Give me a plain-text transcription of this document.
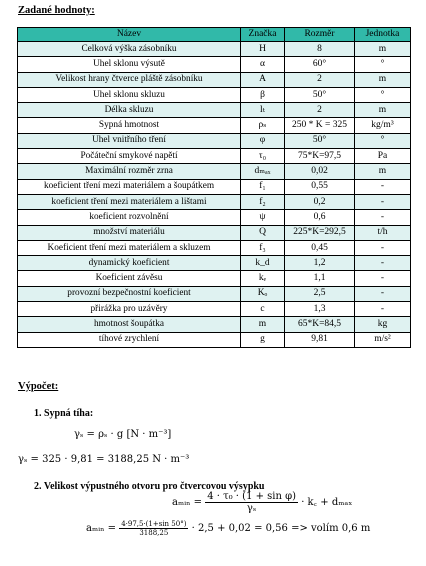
Zadané hodnoty:
Název	Značka	Rozměr	Jednotka
Celková výška zásobníku	H	8	m
Uhel sklonu výsutě	α	60°	°
Velikost hrany čtverce pláště zásobníku	A	2	m
Uhel sklonu skluzu	β	50°	°
Délka skluzu	lₜ	2	m
Sypná hmotnost	ρₛ	250 * K = 325	kg/m³
Uhel vnitřního tření	φ	50°	°
Počáteční smykové napětí	τ₀	75*K=97,5	Pa
Maximální rozměr zrna	dₘₐₓ	0,02	m
koeficient tření mezi materiálem a šoupátkem	f₁	0,55	-
koeficient tření mezi materiálem a lištami	f₂	0,2	-
koeficient rozvolnění	ψ	0,6	-
množství materiálu	Q	225*K=292,5	t/h
Koeficient tření mezi materiálem a skluzem	f₃	0,45	-
dynamický koeficient	k_d	1,2	-
Koeficient závěsu	kₑ	1,1	-
provozní bezpečnostní koeficient	Kₒ	2,5	-
přirážka pro uzávěry	c	1,3	-
hmotnost šoupátka	m	65*K=84,5	kg
tíhové zrychlení	g	9,81	m/s²
Výpočet:
1. Sypná tíha:
γₛ = ρₛ · g [N · m⁻³]
γₛ = 325 · 9,81 = 3188,25 N · m⁻³
2. Velikost výpustného otvoru pro čtvercovou výsypku
aₘᵢₙ = $\frac{\text{4 · τ₀ · (1 + sin φ)}}{\text{γₛ}}$ · k꜀ + dₘₐₓ
aₘᵢₙ = $\frac{4\cdot 97,5\cdot(1+\sin 50^\circ)}{3188,25} \cdot 2,5 + 0,02 = 0,56$ => volím 0,6 m
